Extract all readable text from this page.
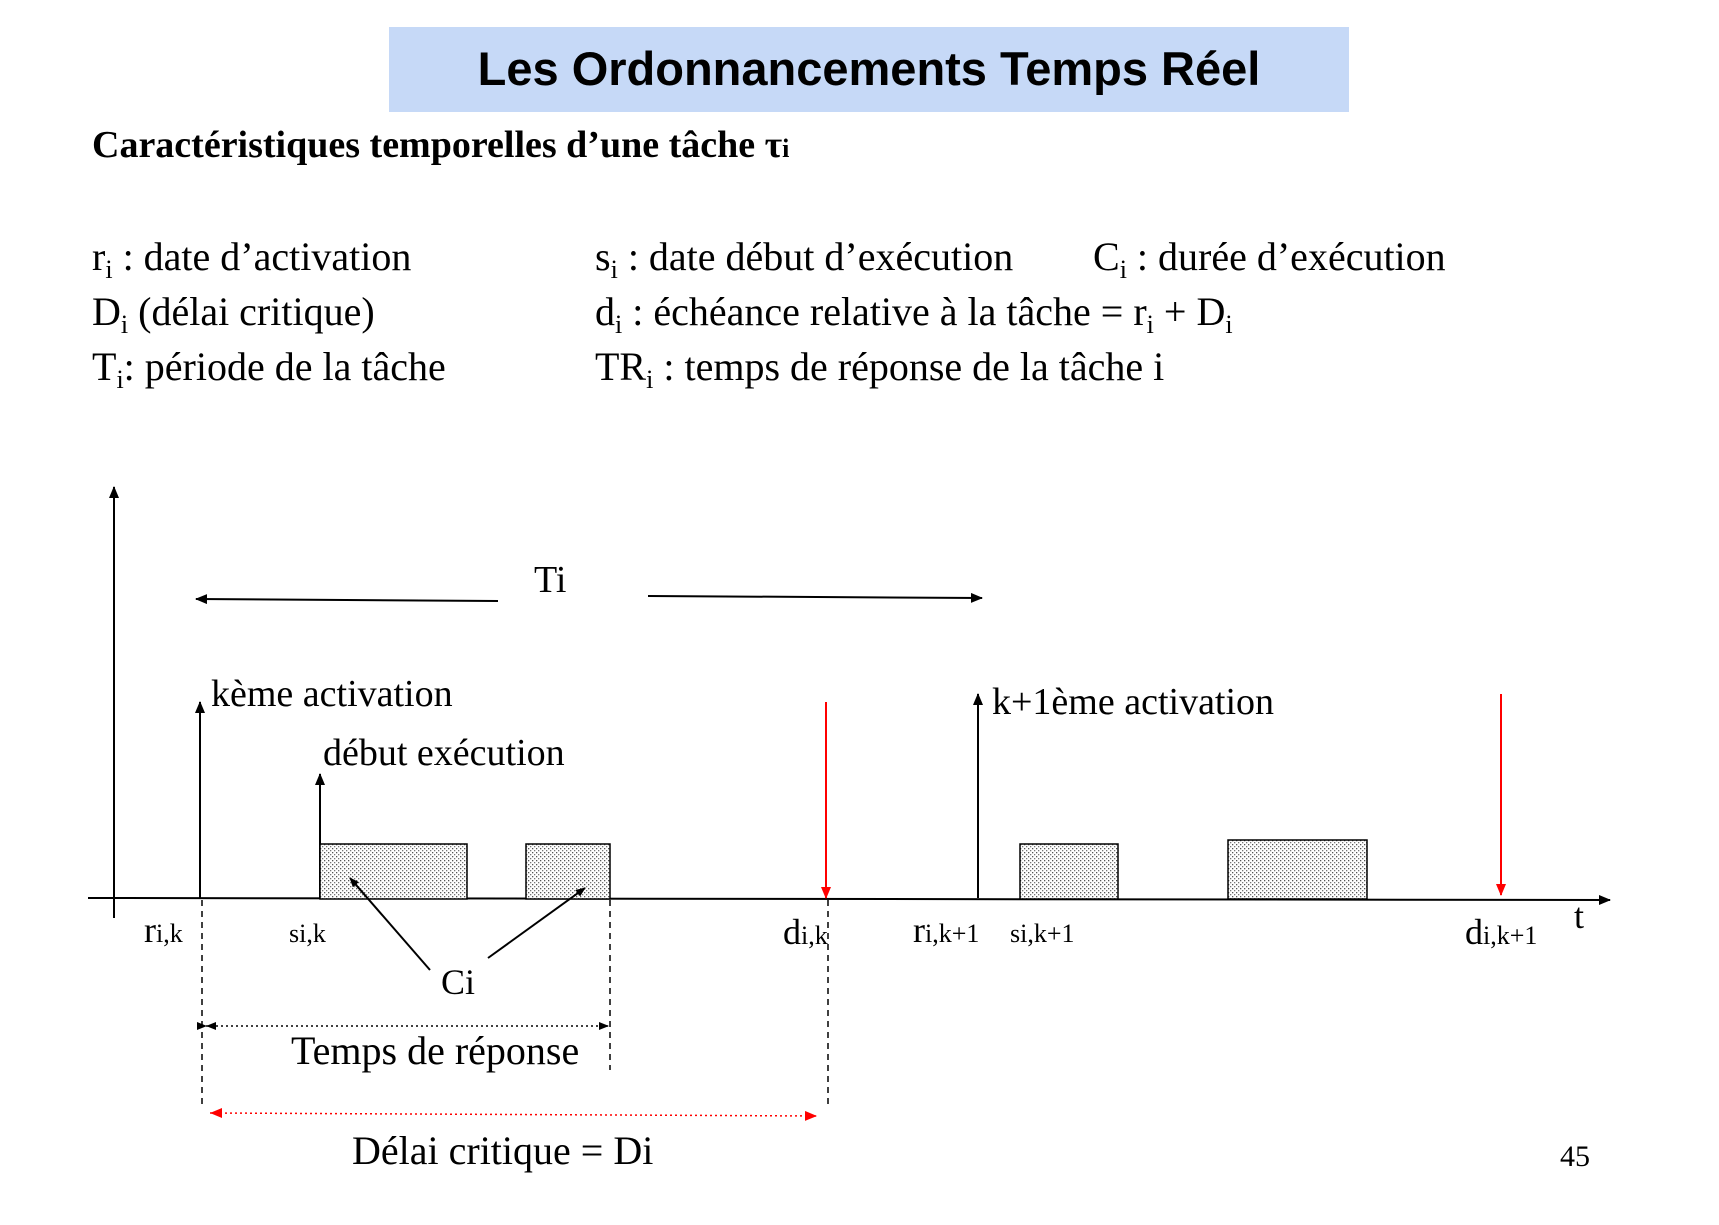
Les Ordonnancements Temps Réel
Caractéristiques temporelles d’une tâche τi
$r_i$ : date d’activation	$s_i$ : date début d’exécution $C_i$ : durée d’exécution
$D_i$ (délai critique)	$d_i$ : échéance relative à la tâche = $r_i + D_i$
$T_i$: période de la tâche	$TR_i$ : temps de réponse de la tâche i
t
Ti
kème activation
début exécution
Ci
k+1ème activation
Temps de réponse
Délai critique = Di
ri,k	si,k	di,k ri,k+1 si,k+1	di,k+1
45
